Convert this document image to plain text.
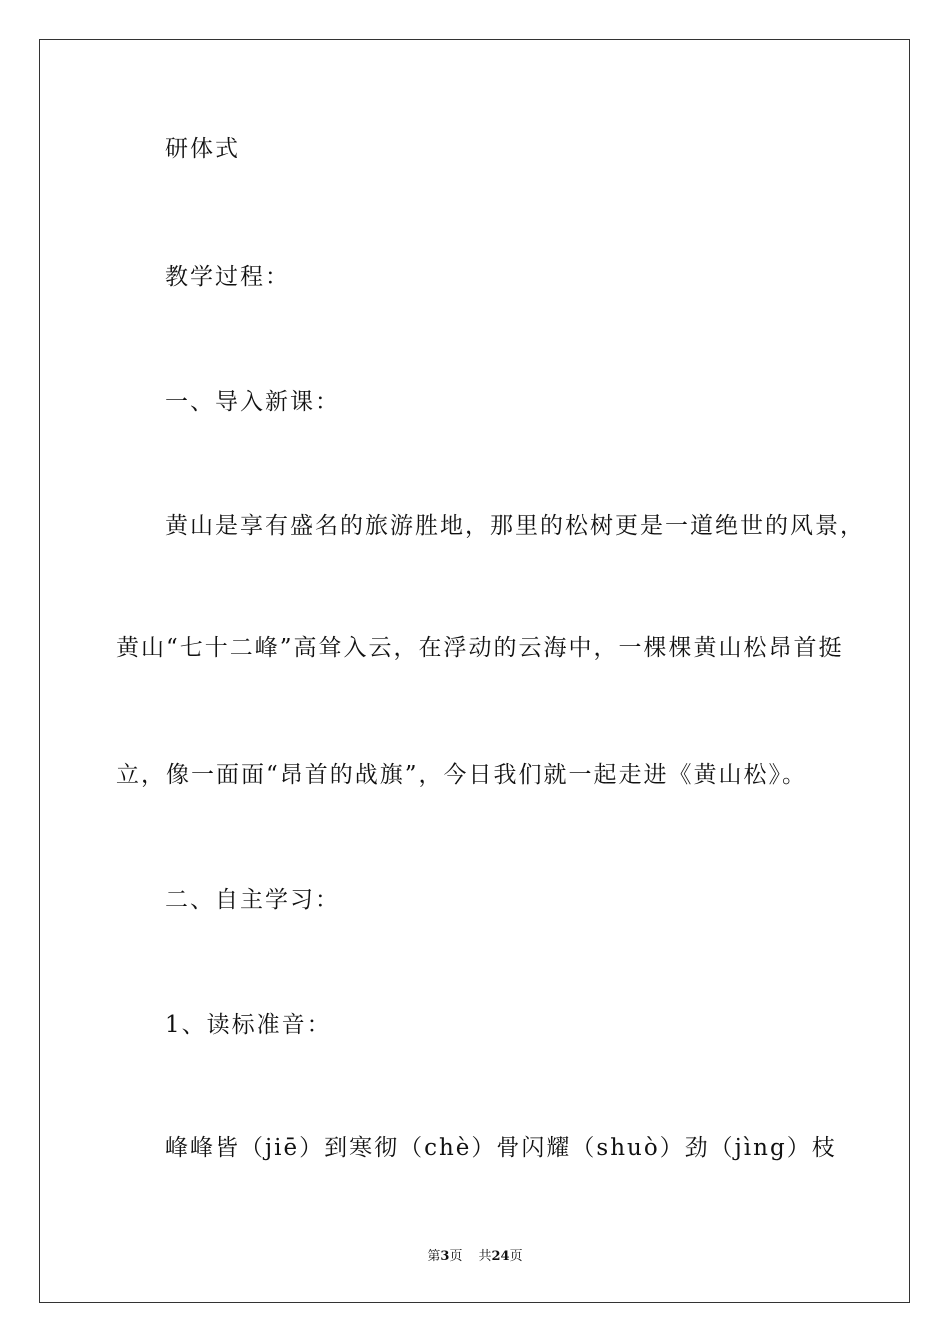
研体式
教学过程：
一、导入新课：
黄山是享有盛名的旅游胜地，那里的松树更是一道绝世的风景，
黄山“七十二峰”高耸入云，在浮动的云海中，一棵棵黄山松昂首挺
立，像一面面“昂首的战旗”，今日我们就一起走进《黄山松》。
二、自主学习：
1、读标准音：
峰峰皆（jiē）到寒彻（chè）骨闪耀（shuò）劲（jìng）枝
第3页 共24页
